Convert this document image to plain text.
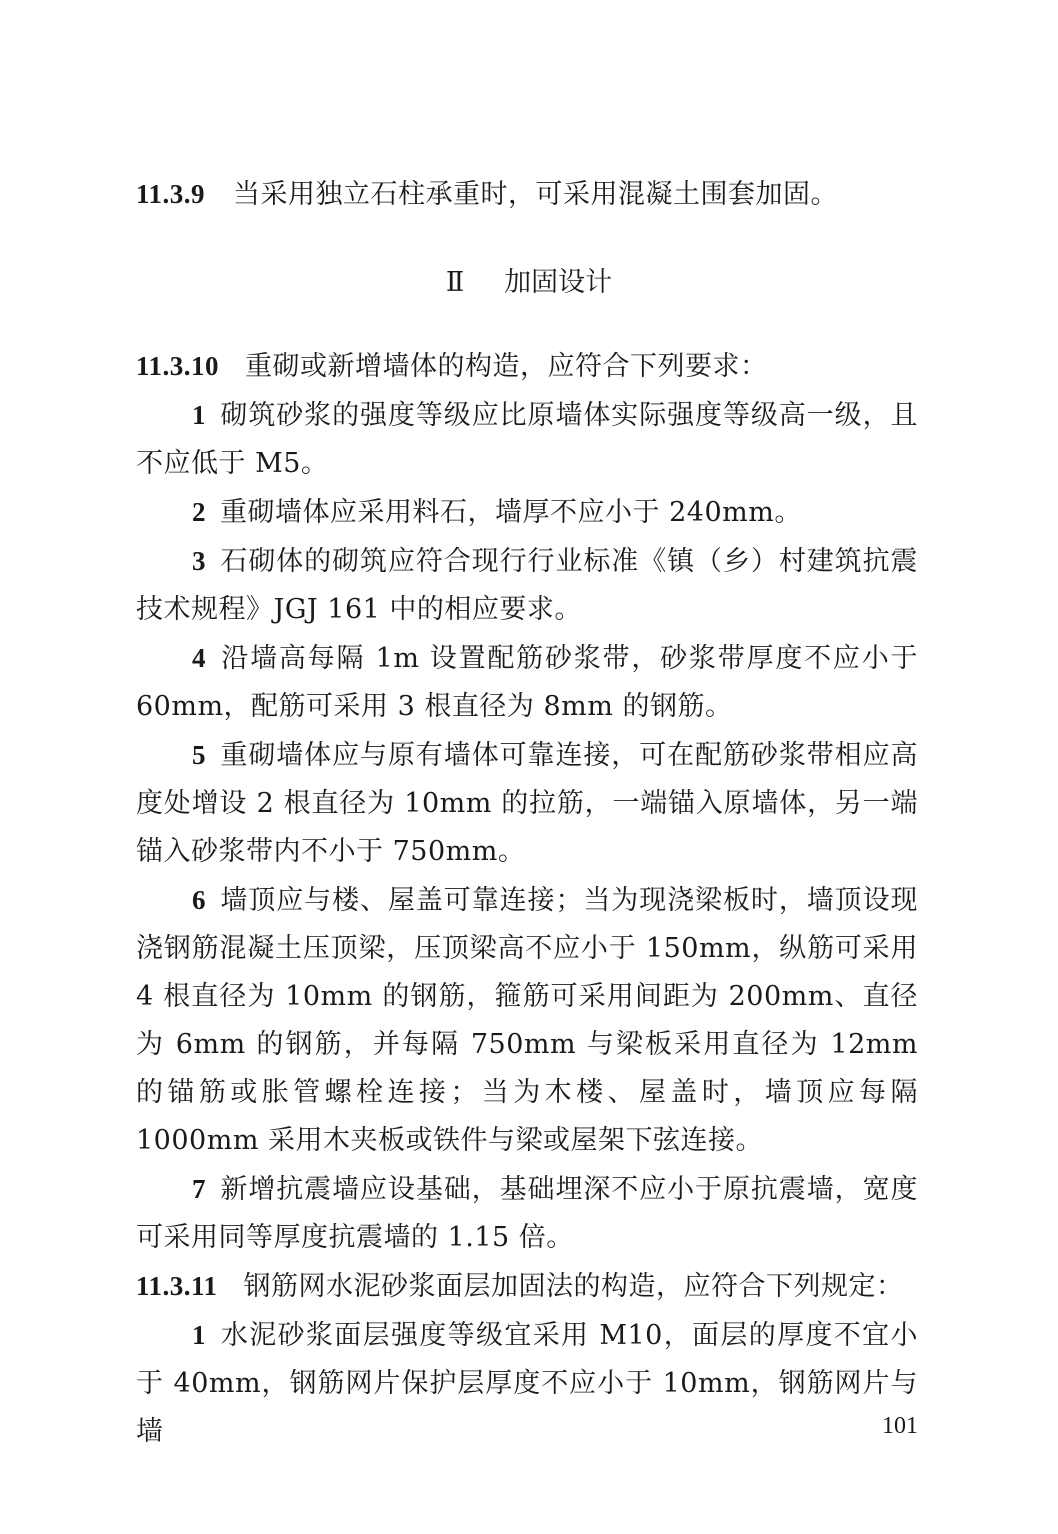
11.3.9 当采用独立石柱承重时，可采用混凝土围套加固。

Ⅱ 加固设计

11.3.10 重砌或新增墙体的构造，应符合下列要求：

1 砌筑砂浆的强度等级应比原墙体实际强度等级高一级，且不应低于 M5。

2 重砌墙体应采用料石，墙厚不应小于 240mm。

3 石砌体的砌筑应符合现行行业标准《镇（乡）村建筑抗震技术规程》JGJ 161 中的相应要求。

4 沿墙高每隔 1m 设置配筋砂浆带，砂浆带厚度不应小于 60mm，配筋可采用 3 根直径为 8mm 的钢筋。

5 重砌墙体应与原有墙体可靠连接，可在配筋砂浆带相应高度处增设 2 根直径为 10mm 的拉筋，一端锚入原墙体，另一端锚入砂浆带内不小于 750mm。

6 墙顶应与楼、屋盖可靠连接；当为现浇梁板时，墙顶设现浇钢筋混凝土压顶梁，压顶梁高不应小于 150mm，纵筋可采用 4 根直径为 10mm 的钢筋，箍筋可采用间距为 200mm、直径为 6mm 的钢筋，并每隔 750mm 与梁板采用直径为 12mm 的锚筋或胀管螺栓连接；当为木楼、屋盖时，墙顶应每隔 1000mm 采用木夹板或铁件与梁或屋架下弦连接。

7 新增抗震墙应设基础，基础埋深不应小于原抗震墙，宽度可采用同等厚度抗震墙的 1.15 倍。

11.3.11 钢筋网水泥砂浆面层加固法的构造，应符合下列规定：

1 水泥砂浆面层强度等级宜采用 M10，面层的厚度不宜小于 40mm，钢筋网片保护层厚度不应小于 10mm，钢筋网片与墙	101
